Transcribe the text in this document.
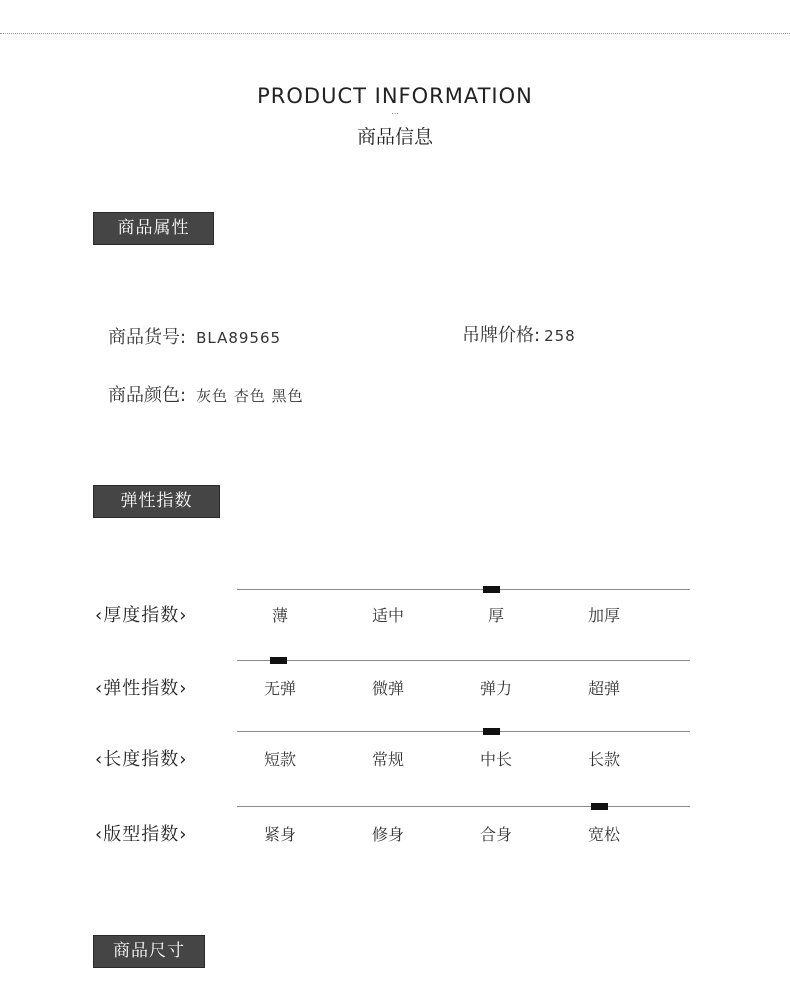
PRODUCT INFORMATION
...
商品信息
商品属性
商品货号: BLA89565	吊牌价格: 258
商品颜色: 灰色 杏色 黑色
弹性指数
‹厚度指数›	薄	适中	厚	加厚
‹弹性指数›	无弹	微弹	弹力	超弹
‹长度指数›	短款	常规	中长	长款
‹版型指数›	紧身	修身	合身	宽松
商品尺寸
